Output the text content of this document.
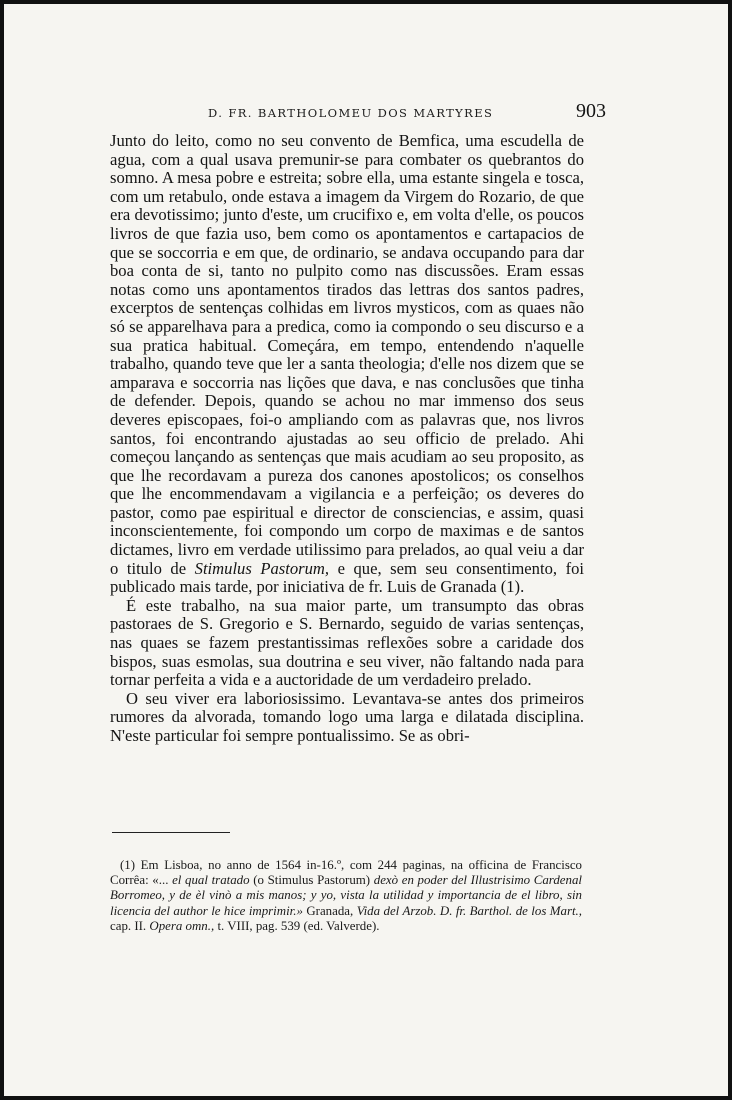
D. FR. BARTHOLOMEU DOS MARTYRES	903

Junto do leito, como no seu convento de Bemfica, uma escudella de agua, com a qual usava premunir-se para combater os quebrantos do somno. A mesa pobre e estreita; sobre ella, uma estante singela e tosca, com um retabulo, onde estava a imagem da Virgem do Rozario, de que era devotissimo; junto d'este, um crucifixo e, em volta d'elle, os poucos livros de que fazia uso, bem como os apontamentos e cartapacios de que se soccorria e em que, de ordinario, se andava occupando para dar boa conta de si, tanto no pulpito como nas discussões. Eram essas notas como uns apontamentos tirados das lettras dos santos padres, excerptos de sentenças colhidas em livros mysticos, com as quaes não só se apparelhava para a predica, como ia compondo o seu discurso e a sua pratica habitual. Começára, em tempo, entendendo n'aquelle trabalho, quando teve que ler a santa theologia; d'elle nos dizem que se amparava e soccorria nas lições que dava, e nas conclusões que tinha de defender. Depois, quando se achou no mar immenso dos seus deveres episcopaes, foi-o ampliando com as palavras que, nos livros santos, foi encontrando ajustadas ao seu officio de prelado. Ahi começou lançando as sentenças que mais acudiam ao seu proposito, as que lhe recordavam a pureza dos canones apostolicos; os conselhos que lhe encommendavam a vigilancia e a perfeição; os deveres do pastor, como pae espiritual e director de consciencias, e assim, quasi inconscientemente, foi compondo um corpo de maximas e de santos dictames, livro em verdade utilissimo para prelados, ao qual veiu a dar o titulo de Stimulus Pastorum, e que, sem seu consentimento, foi publicado mais tarde, por iniciativa de fr. Luis de Granada (1).

É este trabalho, na sua maior parte, um transumpto das obras pastoraes de S. Gregorio e S. Bernardo, seguido de varias sentenças, nas quaes se fazem prestantissimas reflexões sobre a caridade dos bispos, suas esmolas, sua doutrina e seu viver, não faltando nada para tornar perfeita a vida e a auctoridade de um verdadeiro prelado.

O seu viver era laboriosissimo. Levantava-se antes dos primeiros rumores da alvorada, tomando logo uma larga e dilatada disciplina. N'este particular foi sempre pontualissimo. Se as obri-

(1) Em Lisboa, no anno de 1564 in-16.º, com 244 paginas, na officina de Francisco Corrêa: «... el qual tratado (o Stimulus Pastorum) dexò en poder del Illustrisimo Cardenal Borromeo, y de èl vinò a mis manos; y yo, vista la utilidad y importancia de el libro, sin licencia del author le hice imprimir.» Granada, Vida del Arzob. D. fr. Barthol. de los Mart., cap. II. Opera omn., t. VIII, pag. 539 (ed. Valverde).
